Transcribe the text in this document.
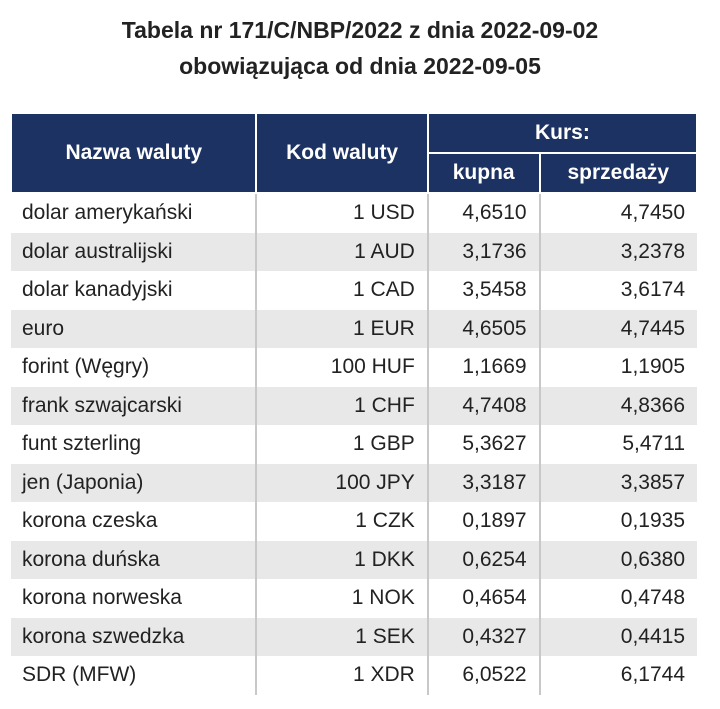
Tabela nr 171/C/NBP/2022 z dnia 2022-09-02
obowiązująca od dnia 2022-09-05
Nazwa waluty	Kod waluty	Kurs:	
		kupna	sprzedaży
dolar amerykański	1 USD	4,6510	4,7450
dolar australijski	1 AUD	3,1736	3,2378
dolar kanadyjski	1 CAD	3,5458	3,6174
euro	1 EUR	4,6505	4,7445
forint (Węgry)	100 HUF	1,1669	1,1905
frank szwajcarski	1 CHF	4,7408	4,8366
funt szterling	1 GBP	5,3627	5,4711
jen (Japonia)	100 JPY	3,3187	3,3857
korona czeska	1 CZK	0,1897	0,1935
korona duńska	1 DKK	0,6254	0,6380
korona norweska	1 NOK	0,4654	0,4748
korona szwedzka	1 SEK	0,4327	0,4415
SDR (MFW)	1 XDR	6,0522	6,1744
